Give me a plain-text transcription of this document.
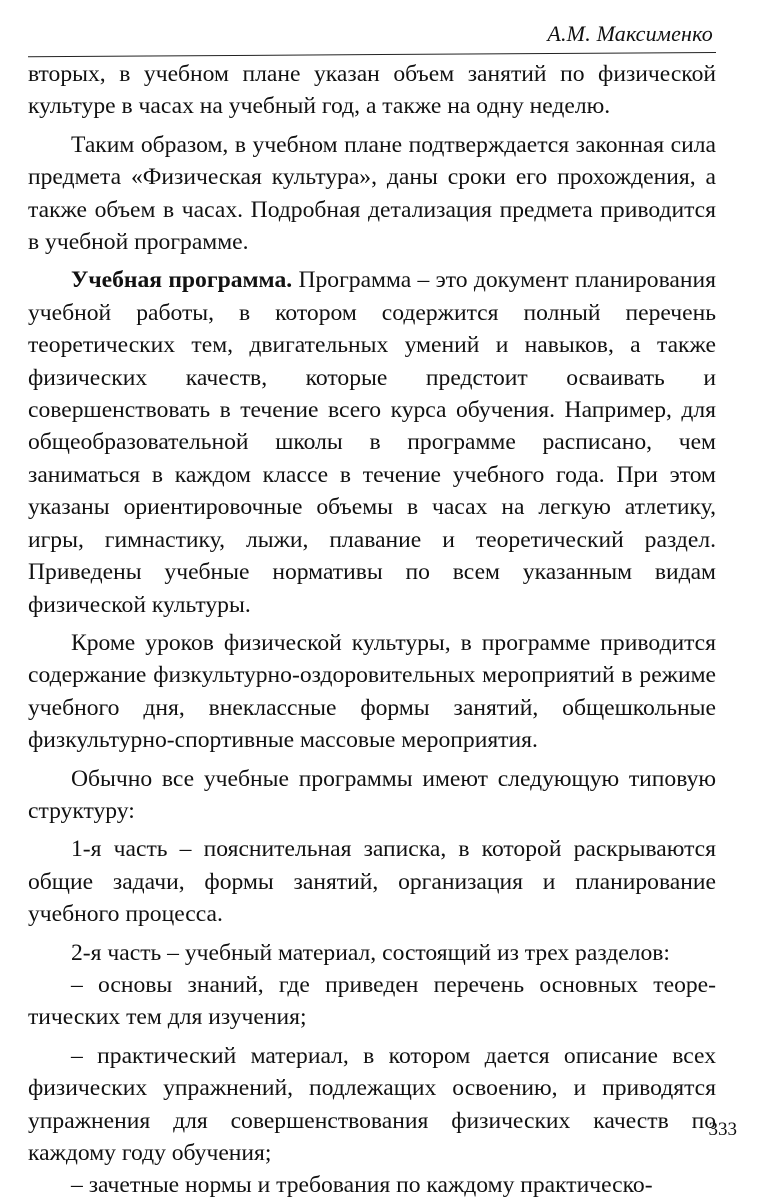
А.М. Максименко

вторых, в учебном плане указан объем занятий по физической культуре в часах на учебный год, а также на одну неделю.

Таким образом, в учебном плане подтверждается законная сила предмета «Физическая культура», даны сроки его прохождения, а также объем в часах. Подробная детализация предмета приводится в учебной программе.

Учебная программа. Программа – это документ планирования учебной работы, в котором содержится полный перечень теоретических тем, двигательных умений и навыков, а также физических качеств, которые предстоит осваивать и совершенствовать в течение всего курса обучения. Например, для общеобразовательной школы в программе расписано, чем заниматься в каждом классе в течение учебного года. При этом указаны ориентировочные объемы в часах на легкую атлетику, игры, гимнастику, лыжи, плавание и теоретический раздел. Приведены учебные нормативы по всем указанным видам физической культуры.

Кроме уроков физической культуры, в программе приводится содержание физкультурно-оздоровительных мероприятий в режиме учебного дня, внеклассные формы занятий, общешкольные физкультурно-спортивные массовые мероприятия.

Обычно все учебные программы имеют следующую типовую структуру:

1-я часть – пояснительная записка, в которой раскрываются общие задачи, формы занятий, организация и планирование учебного процесса.

2-я часть – учебный материал, состоящий из трех разделов:

– основы знаний, где приведен перечень основных теоретических тем для изучения;

– практический материал, в котором дается описание всех физических упражнений, подлежащих освоению, и приводятся упражнения для совершенствования физических качеств по каждому году обучения;

– зачетные нормы и требования по каждому практическо-

333
